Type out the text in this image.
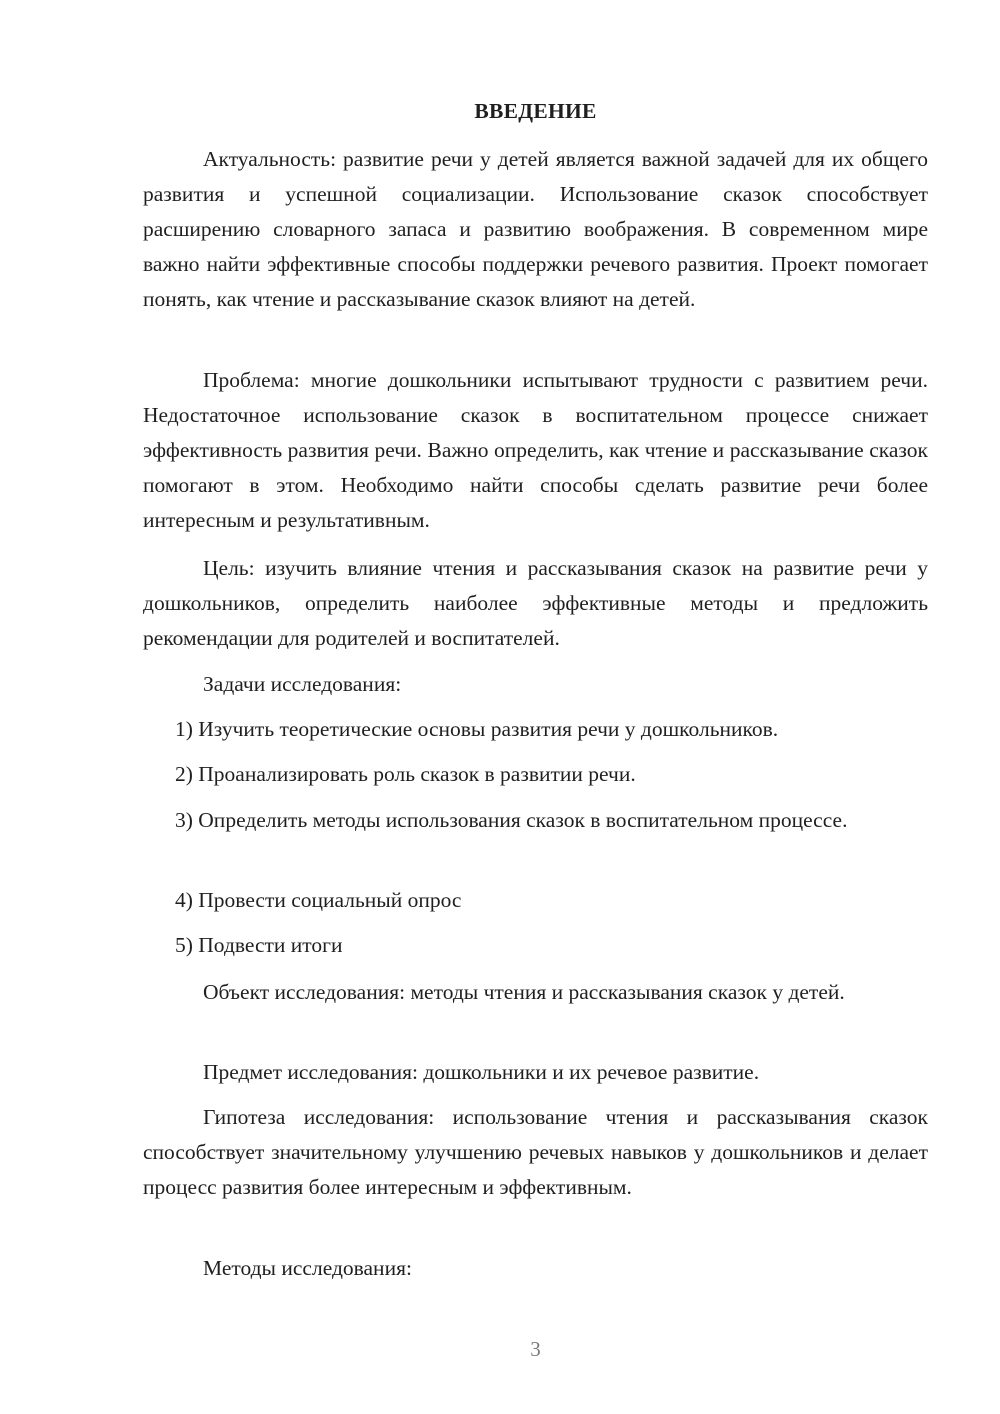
ВВЕДЕНИЕ

Актуальность: развитие речи у детей является важной задачей для их общего развития и успешной социализации. Использование сказок способствует расширению словарного запаса и развитию воображения. В современном мире важно найти эффективные способы поддержки речевого развития. Проект помогает понять, как чтение и рассказывание сказок влияют на детей.

Проблема: многие дошкольники испытывают трудности с развитием речи. Недостаточное использование сказок в воспитательном процессе снижает эффективность развития речи. Важно определить, как чтение и рассказывание сказок помогают в этом. Необходимо найти способы сделать развитие речи более интересным и результативным.

Цель: изучить влияние чтения и рассказывания сказок на развитие речи у дошкольников, определить наиболее эффективные методы и предложить рекомендации для родителей и воспитателей.

Задачи исследования:

1) Изучить теоретические основы развития речи у дошкольников.

2) Проанализировать роль сказок в развитии речи.

3) Определить методы использования сказок в воспитательном процессе.

4) Провести социальный опрос

5) Подвести итоги

Объект исследования: методы чтения и рассказывания сказок у детей.

Предмет исследования: дошкольники и их речевое развитие.

Гипотеза исследования: использование чтения и рассказывания сказок способствует значительному улучшению речевых навыков у дошкольников и делает процесс развития более интересным и эффективным.

Методы исследования:

3
